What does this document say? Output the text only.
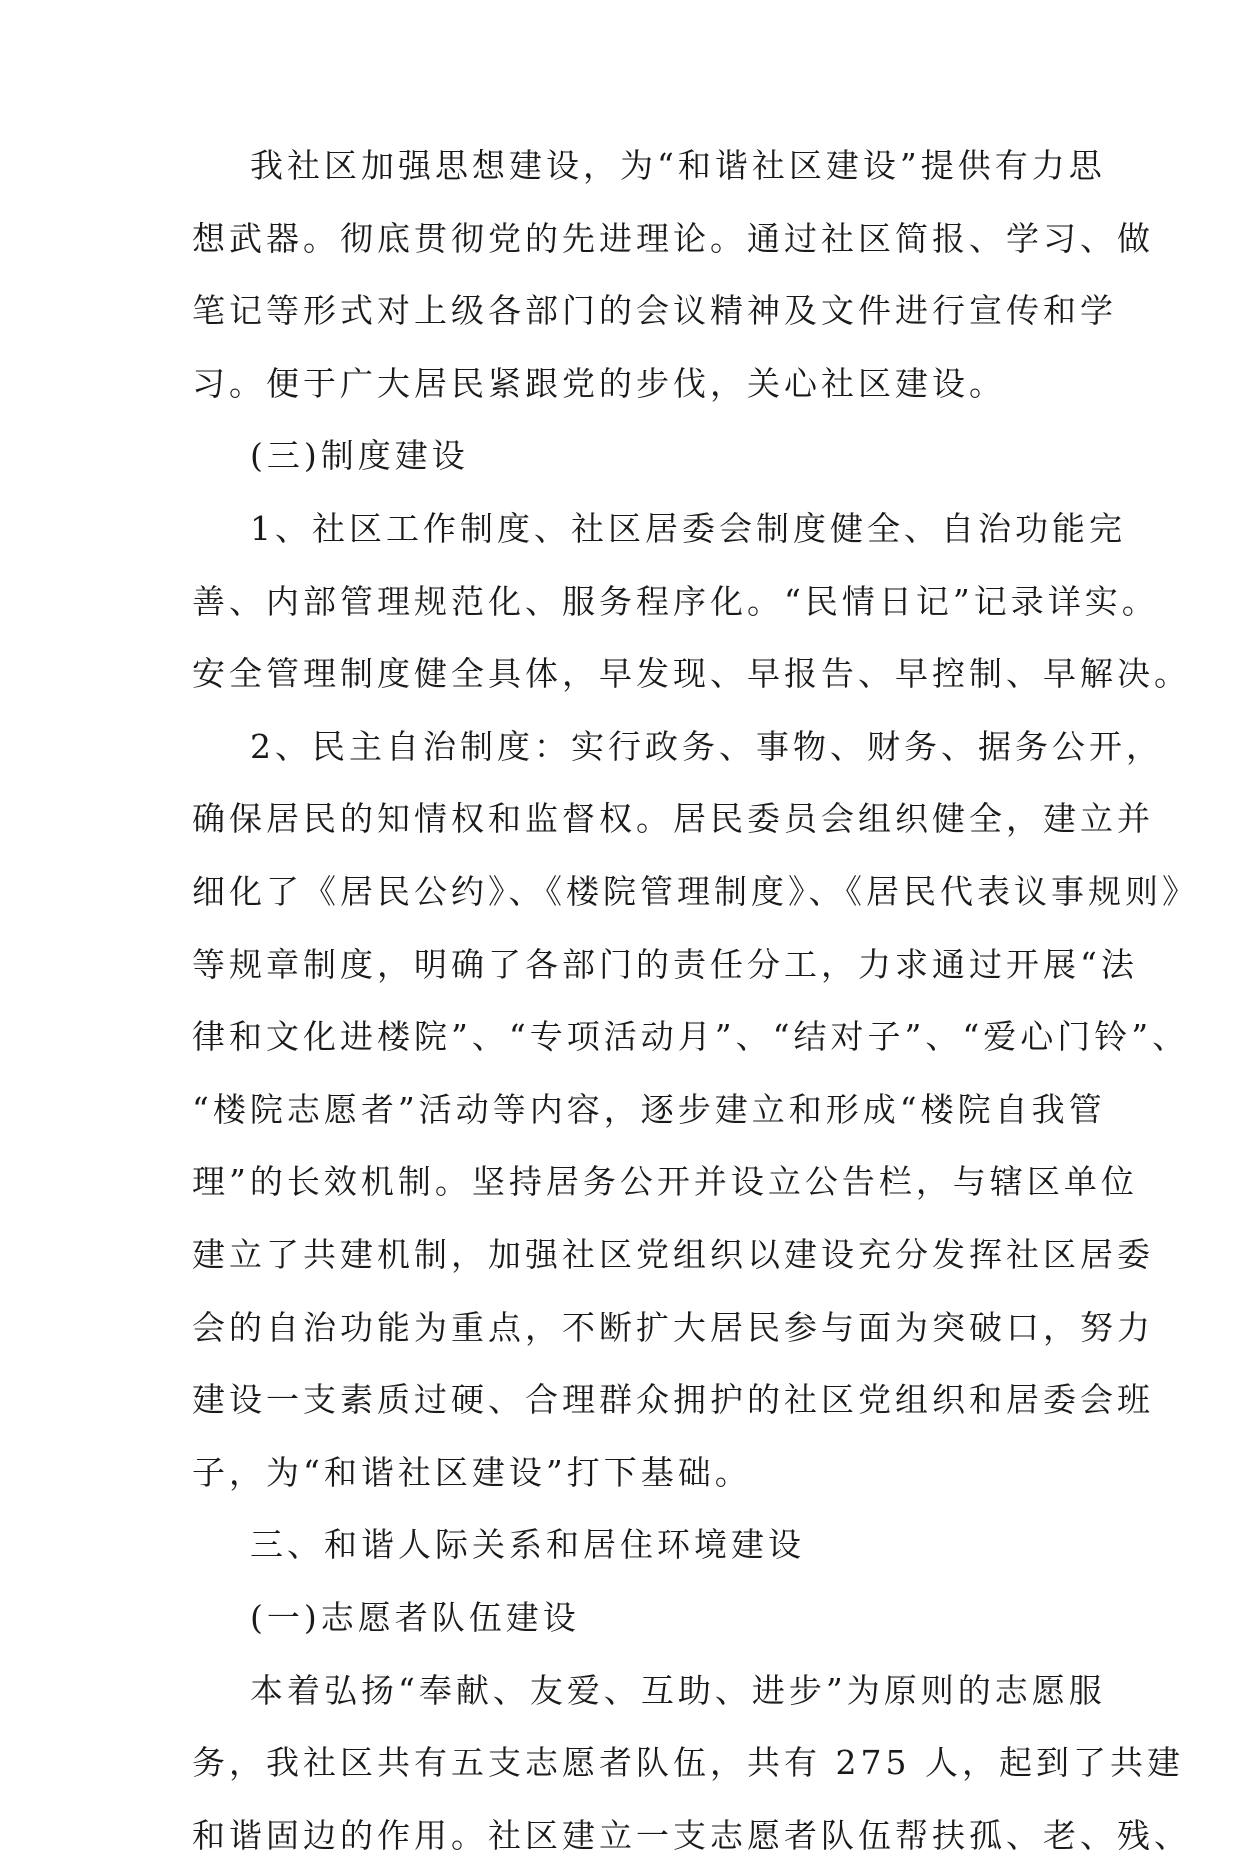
我社区加强思想建设，为“和谐社区建设”提供有力思
想武器。彻底贯彻党的先进理论。通过社区简报、学习、做
笔记等形式对上级各部门的会议精神及文件进行宣传和学
习。便于广大居民紧跟党的步伐，关心社区建设。
(三)制度建设
1、社区工作制度、社区居委会制度健全、自治功能完
善、内部管理规范化、服务程序化。“民情日记”记录详实。
安全管理制度健全具体，早发现、早报告、早控制、早解决。
2、民主自治制度：实行政务、事物、财务、据务公开，
确保居民的知情权和监督权。居民委员会组织健全，建立并
细化了《居民公约》、《楼院管理制度》、《居民代表议事规则》
等规章制度，明确了各部门的责任分工，力求通过开展“法
律和文化进楼院”、“专项活动月”、“结对子”、“爱心门铃”、
“楼院志愿者”活动等内容，逐步建立和形成“楼院自我管
理”的长效机制。坚持居务公开并设立公告栏，与辖区单位
建立了共建机制，加强社区党组织以建设充分发挥社区居委
会的自治功能为重点，不断扩大居民参与面为突破口，努力
建设一支素质过硬、合理群众拥护的社区党组织和居委会班
子，为“和谐社区建设”打下基础。
三、和谐人际关系和居住环境建设
(一)志愿者队伍建设
本着弘扬“奉献、友爱、互助、进步”为原则的志愿服
务，我社区共有五支志愿者队伍，共有 275 人，起到了共建
和谐固边的作用。社区建立一支志愿者队伍帮扶孤、老、残、
